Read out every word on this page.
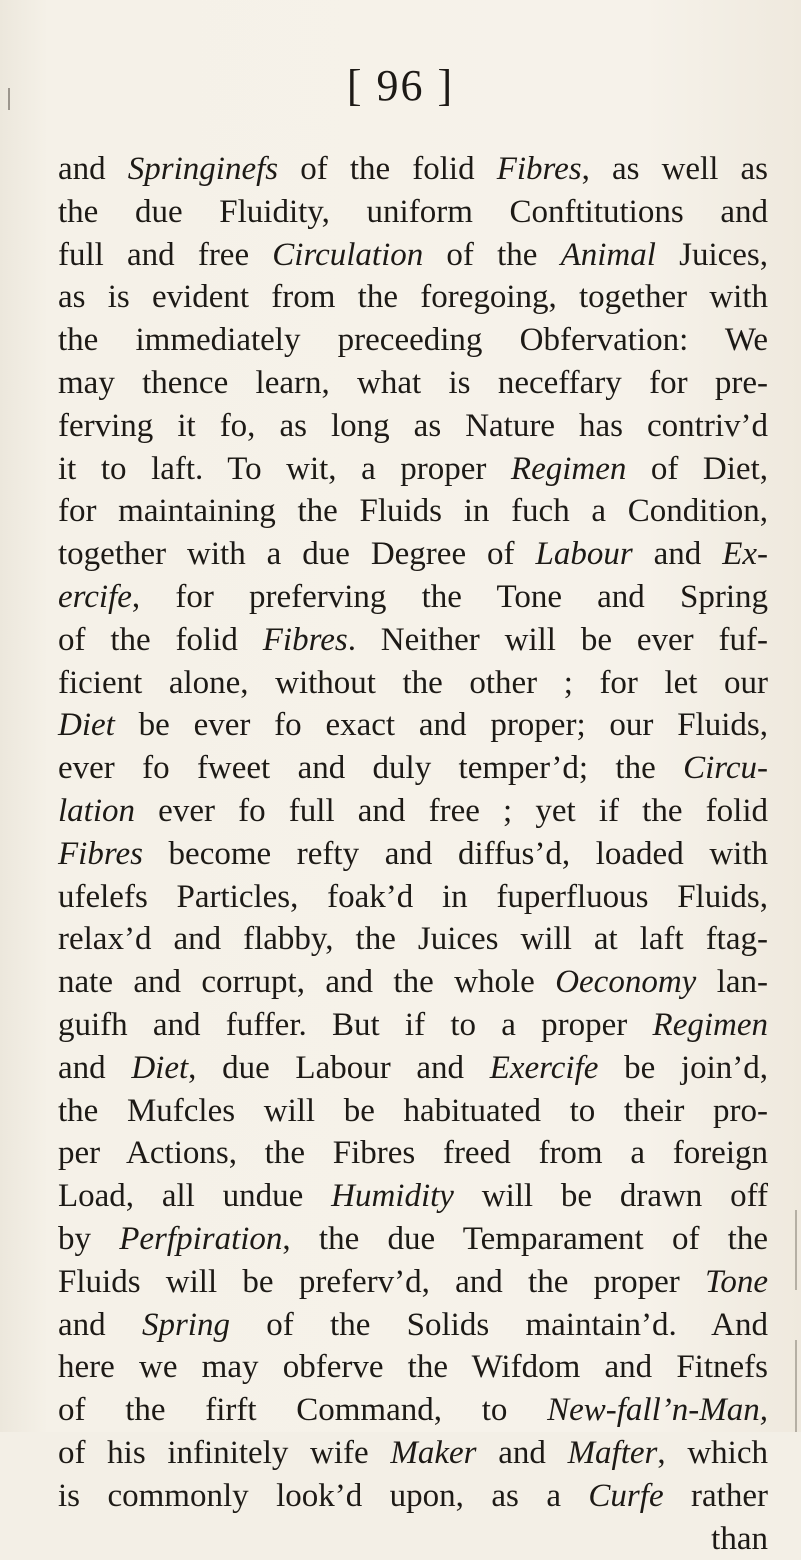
[ 96 ]
and Springinefs of the folid Fibres, as well as
the due Fluidity, uniform Conftitutions and
full and free Circulation of the Animal Juices,
as is evident from the foregoing, together with
the immediately preceeding Obfervation: We
may thence learn, what is neceffary for pre-
ferving it fo, as long as Nature has contriv’d
it to laft. To wit, a proper Regimen of Diet,
for maintaining the Fluids in fuch a Condition,
together with a due Degree of Labour and Ex-
ercife, for preferving the Tone and Spring
of the folid Fibres. Neither will be ever fuf-
ficient alone, without the other ; for let our
Diet be ever fo exact and proper; our Fluids,
ever fo fweet and duly temper’d; the Circu-
lation ever fo full and free ; yet if the folid
Fibres become refty and diffus’d, loaded with
ufelefs Particles, foak’d in fuperfluous Fluids,
relax’d and flabby, the Juices will at laft ftag-
nate and corrupt, and the whole Oeconomy lan-
guifh and fuffer. But if to a proper Regimen
and Diet, due Labour and Exercife be join’d,
the Mufcles will be habituated to their pro-
per Actions, the Fibres freed from a foreign
Load, all undue Humidity will be drawn off
by Perfpiration, the due Temparament of the
Fluids will be preferv’d, and the proper Tone
and Spring of the Solids maintain’d. And
here we may obferve the Wifdom and Fitnefs
of the firft Command, to New-fall’n-Man,
of his infinitely wife Maker and Mafter, which
is commonly look’d upon, as a Curfe rather
than
